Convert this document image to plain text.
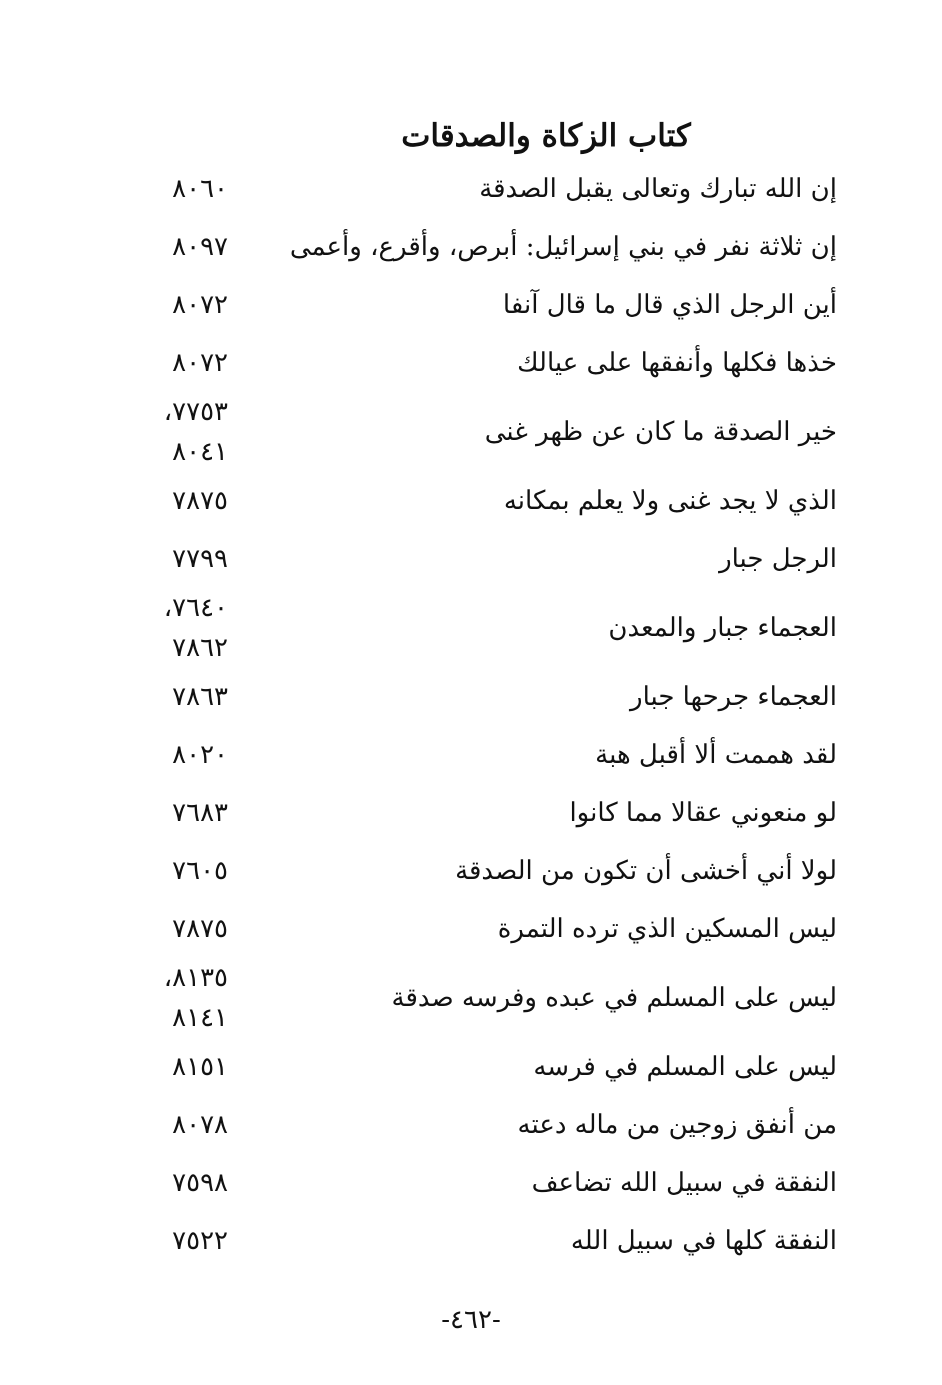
كتاب الزكاة والصدقات
إن الله تبارك وتعالى يقبل الصدقة
٨٠٦٠
إن ثلاثة نفر في بني إسرائيل: أبرص، وأقرع، وأعمى
٨٠٩٧
أين الرجل الذي قال ما قال آنفا
٨٠٧٢
خذها فكلها وأنفقها على عيالك
٨٠٧٢
خير الصدقة ما كان عن ظهر غنى
٧٧٥٣،
٨٠٤١
الذي لا يجد غنى ولا يعلم بمكانه
٧٨٧٥
الرجل جبار
٧٧٩٩
العجماء جبار والمعدن
٧٦٤٠،
٧٨٦٢
العجماء جرحها جبار
٧٨٦٣
لقد هممت ألا أقبل هبة
٨٠٢٠
لو منعوني عقالا مما كانوا
٧٦٨٣
لولا أني أخشى أن تكون من الصدقة
٧٦٠٥
ليس المسكين الذي ترده التمرة
٧٨٧٥
ليس على المسلم في عبده وفرسه صدقة
٨١٣٥،
٨١٤١
ليس على المسلم في فرسه
٨١٥١
من أنفق زوجين من ماله دعته
٨٠٧٨
النفقة في سبيل الله تضاعف
٧٥٩٨
النفقة كلها في سبيل الله
٧٥٢٢
-٤٦٢-
